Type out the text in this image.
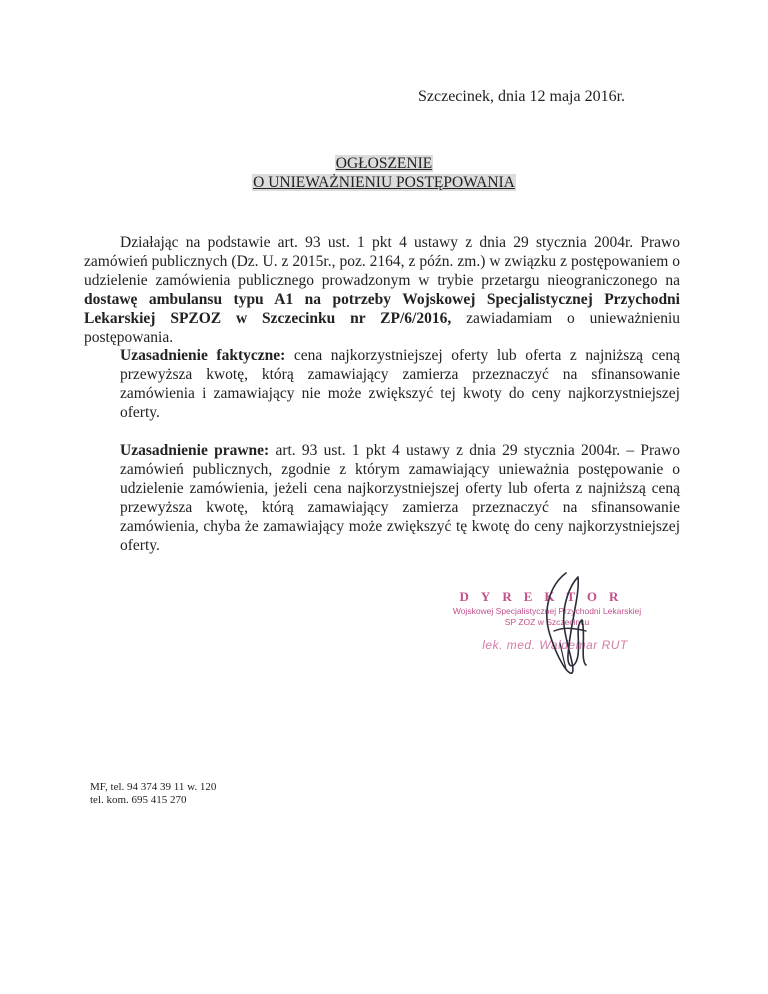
Szczecinek, dnia 12 maja 2016r.
OGŁOSZENIE
O UNIEWAŻNIENIU POSTĘPOWANIA
Działając na podstawie art. 93 ust. 1 pkt 4 ustawy z dnia 29 stycznia 2004r. Prawo zamówień publicznych (Dz. U. z 2015r., poz. 2164, z późn. zm.) w związku z postępowaniem o udzielenie zamówienia publicznego prowadzonym w trybie przetargu nieograniczonego na dostawę ambulansu typu A1 na potrzeby Wojskowej Specjalistycznej Przychodni Lekarskiej SPZOZ w Szczecinku nr ZP/6/2016, zawiadamiam o unieważnieniu postępowania.
Uzasadnienie faktyczne: cena najkorzystniejszej oferty lub oferta z najniższą ceną przewyższa kwotę, którą zamawiający zamierza przeznaczyć na sfinansowanie zamówienia i zamawiający nie może zwiększyć tej kwoty do ceny najkorzystniejszej oferty.
Uzasadnienie prawne: art. 93 ust. 1 pkt 4 ustawy z dnia 29 stycznia 2004r. – Prawo zamówień publicznych, zgodnie z którym zamawiający unieważnia postępowanie o udzielenie zamówienia, jeżeli cena najkorzystniejszej oferty lub oferta z najniższą ceną przewyższa kwotę, którą zamawiający zamierza przeznaczyć na sfinansowanie zamówienia, chyba że zamawiający może zwiększyć tę kwotę do ceny najkorzystniejszej oferty.
DYREKTOR
Wojskowej Specjalistycznej Przychodni Lekarskiej
SP ZOZ w Szczecinku
lek. med. Waldemar RUT
MF, tel. 94 374 39 11 w. 120
tel. kom. 695 415 270
